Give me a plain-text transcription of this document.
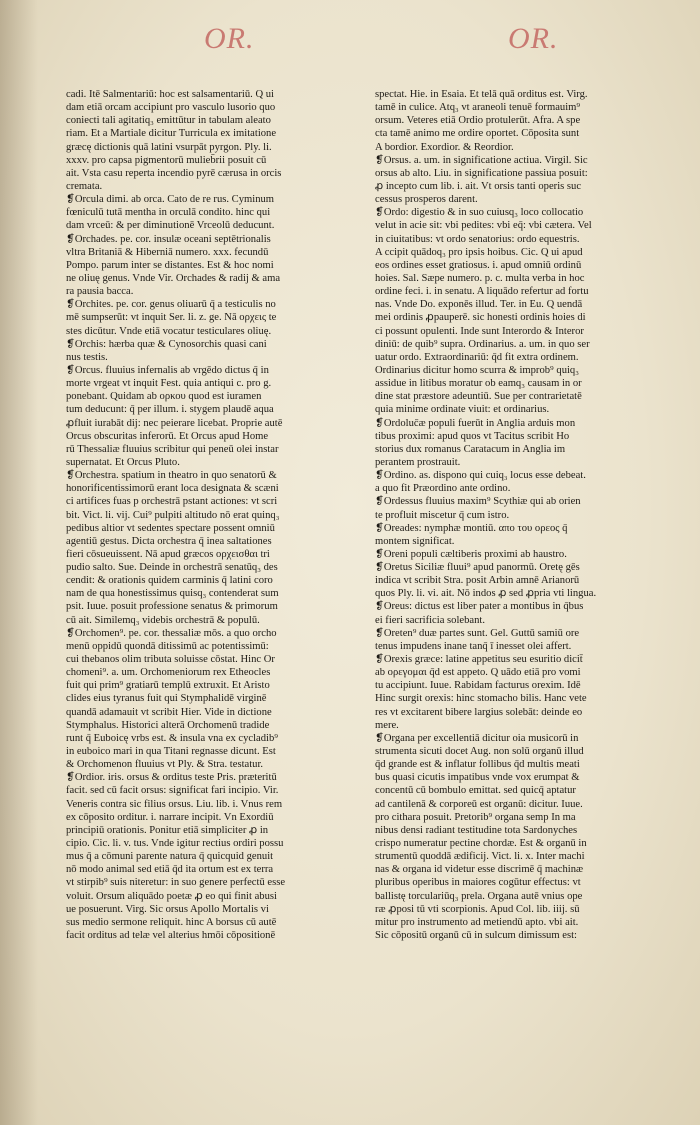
OR.	OR.
cadi. Itē Salmentariū: hoc est salsamentariū. Q ui
dam etiā orcam accipiunt pro vasculo lusorio quo
coniecti tali agitatiq₃ emittūtur in tabulam aleato
riam. Et a Martiale dicitur Turricula ex imitatione
græcę dictionis quā latini vsurpāt pyrgon. Ply. li.
xxxv. pro capsa pigmentorū mulieb̄rii posuit cū
ait. Vsta casu reperta incendio pyrē cærusa in orcis
cremata.
❡Orcula dimi. ab orca. Cato de re rus. Cyminum
fœniculū tutā mentha in orculā condito. hinc qui
dam vrceū: & per diminutionē Vrceolū deducunt.
❡Orchades. pe. cor. insulæ oceani septētrionalis
vltra Britaniā & Hiberniā numero. xxx. fecundū
Pompo. parum inter se distantes. Est & hoc nomi
ne oliuę genus. Vnde Vir. Orchades & radij & ama
ra pausia bacca.
❡Orchites. pe. cor. genus oliuarū q̄ a testiculis no
mē sumpserūt: vt inquit Ser. li. z. ge. Nā ορχεις te
stes dicūtur. Vnde etiā vocatur testiculares oliuę.
❡Orchis: hærba quæ & Cynosorchis quasi cani
nus testis.
❡Orcus. fluuius infernalis ab vrgēdo dictus q̄ in
morte vrgeat vt inquit Fest. quia antiqui c. pro g.
ponebant. Quidam ab ορκου quod est iuramen
tum deducunt: q̄ per illum. i. stygem plaudē aqua
ꝓfluit iurabāt dij: nec peierare licebat. Proprie autē
Orcus obscuritas inferorū. Et Orcus apud Home
rū Thessaliæ fluuius scribitur qui peneū olei instar
supernatat. Et Orcus Pluto.
❡Orchestra. spatium in theatro in quo senatorū &
honorificentissimorū erant loca designata & scæni
ci artifices fuas p orchestrā pstant actiones: vt scri
bit. Vict. li. vij. Cui⁹ pulpiti altitudo nō erat quinq₃
pedibus altior vt sedentes spectare possent omniū
agentiū gestus. Dicta orchestra q̄ inea saltationes
fieri cōsueuissent. Nā apud græcos ορχεισθαι tri
pudio salto. Sue. Deinde in orchestrā senatūq₃ des
cendit: & orationis quidem carminis q̄ latini coro
nam de qua honestissimus quisq₃ contenderat sum
psit. Iuue. posuit professione senatus & primorum
cū ait. Similemq₃ videbis orchestrā & populū.
❡Orchomen⁹. pe. cor. thessaliæ mōs. a quo orcho
menū oppidū quondā ditissimū ac potentissimū:
cui thebanos olim tributa soluisse cōstat. Hinc Or
chomeni⁹. a. um. Orchomeniorum rex Etheocles
fuit qui prim⁹ gratiarū templū extruxit. Et Aristo
clides eius tyranus fuit qui Stymphalidē virginē
quandā adamauit vt scribit Hier. Vide in dictione
Stymphalus. Historici alterā Orchomenū tradide
runt q̄ Euboicę vrbs est. & insula vna ex cycladib⁹
in euboico mari in qua Titani regnasse dicunt. Est
& Orchomenon fluuius vt Ply. & Stra. testatur.
❡Ordior. iris. orsus & orditus teste Pris. præteritū
facit. sed cū facit orsus: significat fari incipio. Vir.
Veneris contra sic filius orsus. Liu. lib. i. Vnus rem
ex cōposito orditur. i. narrare incipit. Vn Exordiū
principiū orationis. Ponitur etiā simpliciter ꝓ in
cipio. Cic. li. v. tus. Vnde igitur rectius ordiri possu
mus q̄ a cōmuni parente natura q̄ quicquid genuit
nō modo animal sed etiā q̄d ita ortum est ex terra
vt stirpib⁹ suis niteretur: in suo genere perfectū esse
voluit. Orsum aliquādo poetæ ꝓ eo qui finit abusi
ue posuerunt. Virg. Sic orsus Apollo Mortalis vi
sus medio sermone reliquit. hinc A borsus cū autē
facit orditus ad telæ vel alterius hmōi cōpositionē
spectat. Hie. in Esaia. Et telā quā orditus est. Virg.
tamē in culice. Atq₃ vt araneoli tenuē formauim⁹
orsum. Veteres etiā Ordio protulerūt. Afra. A spe
cta tamē animo me ordire oportet. Cōposita sunt
A bordior. Exordior. & Reordior.
❡Orsus. a. um. in significatione actiua. Virgil. Sic
orsus ab alto. Liu. in significatione passiua posuit:
ꝓ incepto cum lib. i. ait. Vt orsis tanti operis suc
cessus prosperos darent.
❡Ordo: digestio & in suo cuiusq₃ loco collocatio
velut in acie sit: vbi pedites: vbi eq̄: vbi cætera. Vel
in ciuitatibus: vt ordo senatorius: ordo equestris.
A ccipit quādoq₃ pro ipsis hoibus. Cic. Q ui apud
eos ordines esset gratiosus. i. apud omniū ordinū
hoies. Sal. Sæpe numero. p. c. multa verba in hoc
ordine feci. i. in senatu. A liquādo refertur ad fortu
nas. Vnde Do. exponēs illud. Ter. in Eu. Q uendā
mei ordinis ꝓpauperē. sic honesti ordinis hoies di
ci possunt opulenti. Inde sunt Interordo & Interor
diniū: de quib⁹ supra. Ordinarius. a. um. in quo ser
uatur ordo. Extraordinariū: q̄d fit extra ordinem.
Ordinarius dicitur homo scurra & improb⁹ quiq₃
assidue in litibus moratur ob eamq₃ causam in or
dine stat præstore adeuntiū. Sue per contrarietatē
quia minime ordinate viuit: et ordinarius.
❡Ordoluc̄æ populi fuerūt in Anglia arduis mon
tibus proximi: apud quos vt Tacitus scribit Ho
storius dux romanus Caratacum in Anglia im
perantem prostrauit.
❡Ordino. as. dispono qui cuiq₃ locus esse debeat.
a quo fit Præordino ante ordino.
❡Ordessus fluuius maxim⁹ Scythiæ qui ab orien
te profluit miscetur q̄ cum istro.
❡Oreades: nymphæ montiū. απο του ορεος q̄
montem significat.
❡Oreni populi cæltiberis proximi ab haustro.
❡Oretus Siciliæ fluui⁹ apud panormū. Oretę gēs
indica vt scribit Stra. posit Arbin amnē Arianorū
quos Ply. li. vi. ait. Nō indos ꝓ sed ꝓpria vti lingua.
❡Oreus: dictus est liber pater a montibus in q̄bus
ei fieri sacrificia solebant.
❡Oreten⁹ duæ partes sunt. Gel. Guttū samiū ore
tenus impudens inane tanq̄ ī inesset olei affert.
❡Orexis græce: latine appetitus seu esuritio dicit̄
ab ορεγομαι q̄d est appeto. Q uādo etiā pro vomi
tu accipiunt. Iuue. Rabidam facturus orexim. Idē
Hinc surgit orexis: hinc stomacho bilis. Hanc vete
res vt excitarent bibere largius solebāt: deinde eo
mere.
❡Organa per excellentiā dicitur oia musicorū in
strumenta sicuti docet Aug. non solū organū illud
q̄d grande est & inflatur follibus q̄d multis meati
bus quasi cicutis impatibus vnde vox erumpat &
concentū cū bombulo emittat. sed quicq̄ aptatur
ad cantilenā & corporeū est organū: dicitur. Iuue.
pro cithara posuit. Pretorib⁹ organa semp In ma
nibus densi radiant testitudine tota Sardonyches
crispo numeratur pectine chordæ. Est & organū in
strumentū quoddā ædificij. Vict. li. x. Inter machi
nas & organa id videtur esse discrimē q̄ machinæ
pluribus operibus in maiores cogūtur effectus: vt
ballistę torculariūq₃ prela. Organa autē vnius ope
ræ ꝓposi tū vti scorpionis. Apud Col. lib. iiij. sū
mitur pro instrumento ad metiendū apto. vbi ait.
Sic cōpositū organū cū in sulcum dimissum est:
